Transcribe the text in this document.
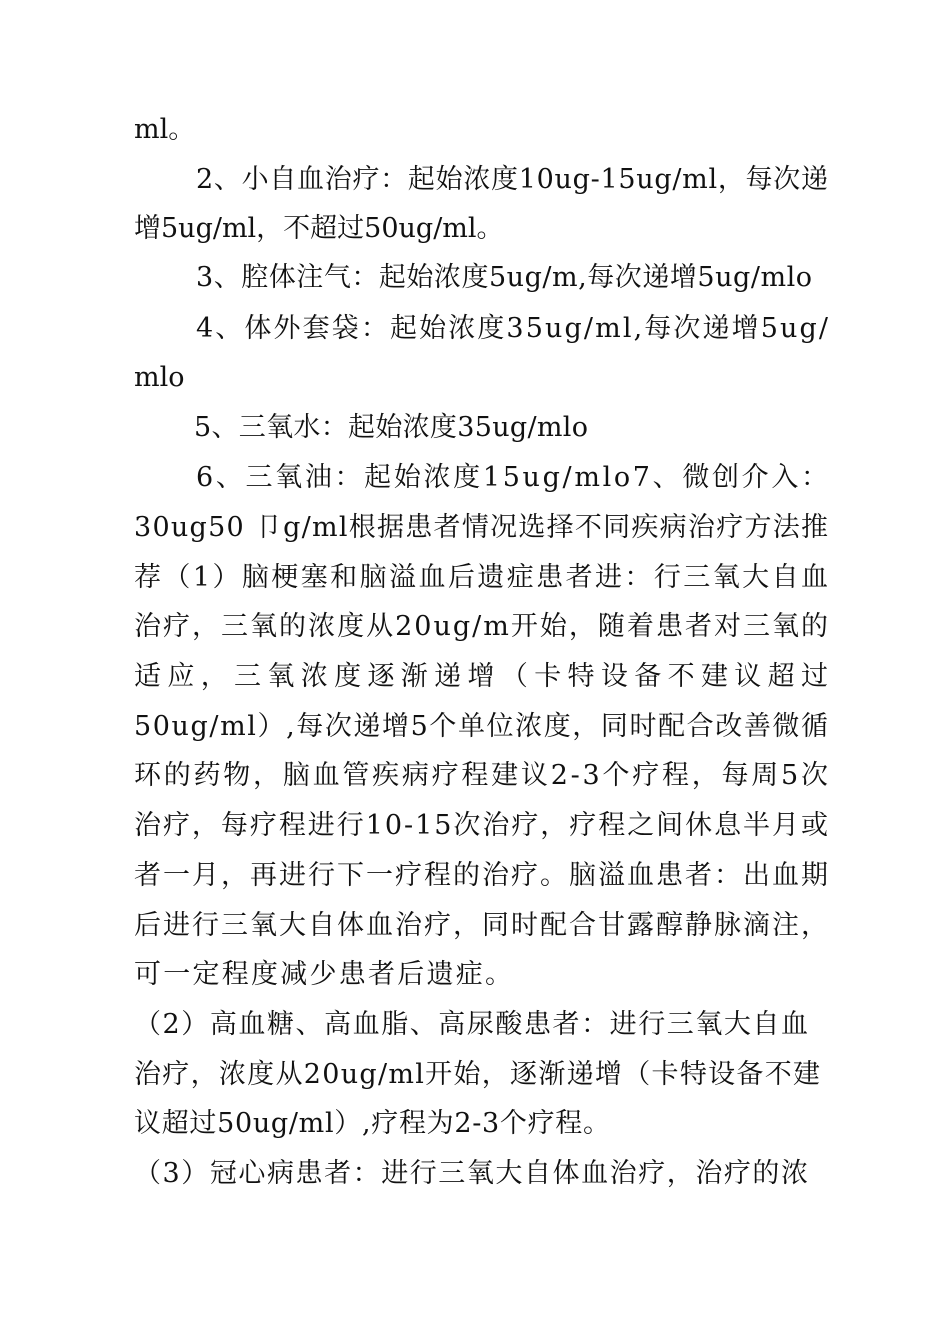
ml。
2、小自血治疗：起始浓度10ug-15ug/ml，每次递
增5ug/ml，不超过50ug/ml。
3、腔体注气：起始浓度5ug/m,每次递增5ug/mlo
4、体外套袋：起始浓度35ug/ml,每次递增5ug/
mlo
5、三氧水：起始浓度35ug/mlo
6、三氧油：起始浓度15ug/mlo7、微创介入：
30ug50 卩g/ml根据患者情况选择不同疾病治疗方法推
荐（1）脑梗塞和脑溢血后遗症患者进：行三氧大自血
治疗，三氧的浓度从20ug/m开始，随着患者对三氧的
适应，三氧浓度逐渐递增（卡特设备不建议超过
50ug/ml）,每次递增5个单位浓度，同时配合改善微循
环的药物，脑血管疾病疗程建议2-3个疗程，每周5次
治疗，每疗程进行10-15次治疗，疗程之间休息半月或
者一月，再进行下一疗程的治疗。脑溢血患者：出血期
后进行三氧大自体血治疗，同时配合甘露醇静脉滴注，
可一定程度减少患者后遗症。
（2）高血糖、高血脂、高尿酸患者：进行三氧大自血
治疗，浓度从20ug/ml开始，逐渐递增（卡特设备不建
议超过50ug/ml）,疗程为2-3个疗程。
（3）冠心病患者：进行三氧大自体血治疗，治疗的浓
